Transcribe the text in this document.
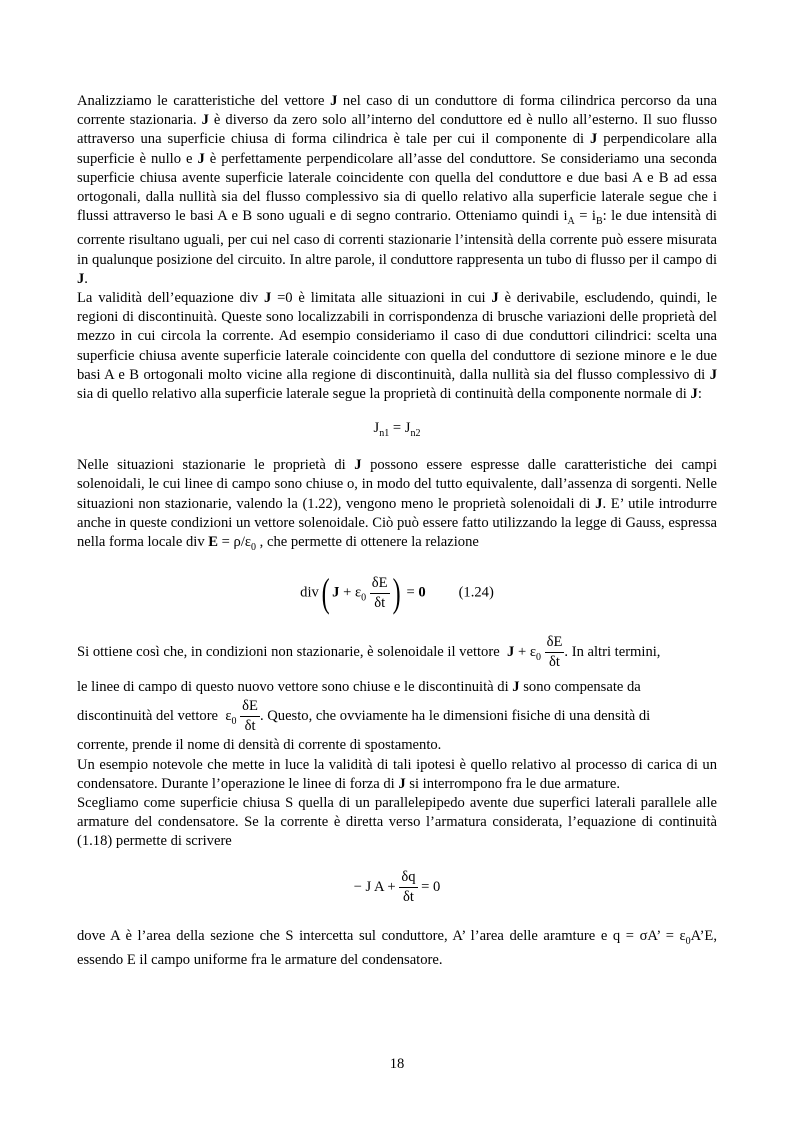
Analizziamo le caratteristiche del vettore J nel caso di un conduttore di forma cilindrica percorso da una corrente stazionaria. J è diverso da zero solo all’interno del conduttore ed è nullo all’esterno. Il suo flusso attraverso una superficie chiusa di forma cilindrica è tale per cui il componente di J perpendicolare alla superficie è nullo e J è perfettamente perpendicolare all’asse del conduttore. Se consideriamo una seconda superficie chiusa avente superficie laterale coincidente con quella del conduttore e due basi A e B ad essa ortogonali, dalla nullità sia del flusso complessivo sia di quello relativo alla superficie laterale segue che i flussi attraverso le basi A e B sono uguali e di segno contrario. Otteniamo quindi $i_A = i_B$: le due intensità di corrente risultano uguali, per cui nel caso di correnti stazionarie l’intensità della corrente può essere misurata in qualunque posizione del circuito. In altre parole, il conduttore rappresenta un tubo di flusso per il campo di J.

La validità dell’equazione div J =0 è limitata alle situazioni in cui J è derivabile, escludendo, quindi, le regioni di discontinuità. Queste sono localizzabili in corrispondenza di brusche variazioni delle proprietà del mezzo in cui circola la corrente. Ad esempio consideriamo il caso di due conduttori cilindrici: scelta una superficie chiusa avente superficie laterale coincidente con quella del conduttore di sezione minore e le due basi A e B ortogonali molto vicine alla regione di discontinuità, dalla nullità sia del flusso complessivo di J sia di quello relativo alla superficie laterale segue la proprietà di continuità della componente normale di J:

$J_{n1} = J_{n2}$

Nelle situazioni stazionarie le proprietà di J possono essere espresse dalle caratteristiche dei campi solenoidali, le cui linee di campo sono chiuse o, in modo del tutto equivalente, dall’assenza di sorgenti. Nelle situazioni non stazionarie, valendo la (1.22), vengono meno le proprietà solenoidali di J. E’ utile introdurre anche in queste condizioni un vettore solenoidale. Ciò può essere fatto utilizzando la legge di Gauss, espressa nella forma locale div $E = \rho/\varepsilon_0$ , che permette di ottenere la relazione

div( $J + \varepsilon_0 \frac{\delta E}{\delta t}$ ) = 0 (1.24)

Si ottiene così che, in condizioni non stazionarie, è solenoidale il vettore $J + \varepsilon_0 \frac{\delta E}{\delta t}$ . In altri termini,

le linee di campo di questo nuovo vettore sono chiuse e le discontinuità di J sono compensate da

discontinuità del vettore  $\varepsilon_0 \frac{\delta E}{\delta t}$ . Questo, che ovviamente ha le dimensioni fisiche di una densità di

corrente, prende il nome di densità di corrente di spostamento.

Un esempio notevole che mette in luce la validità di tali ipotesi è quello relativo al processo di carica di un condensatore. Durante l’operazione le linee di forza di J si interrompono fra le due armature.

Scegliamo come superficie chiusa S quella di un parallelepipedo avente due superfici laterali parallele alle armature del condensatore. Se la corrente è diretta verso l’armatura considerata, l’equazione di continuità (1.18) permette di scrivere

− J $A + \frac{\delta q}{\delta t} = 0$

dove A è l’area della sezione che S intercetta sul conduttore, A’ l’area delle aramture e q = σA’ = $\varepsilon_0A’E$, essendo E il campo uniforme fra le armature del condensatore.

18
